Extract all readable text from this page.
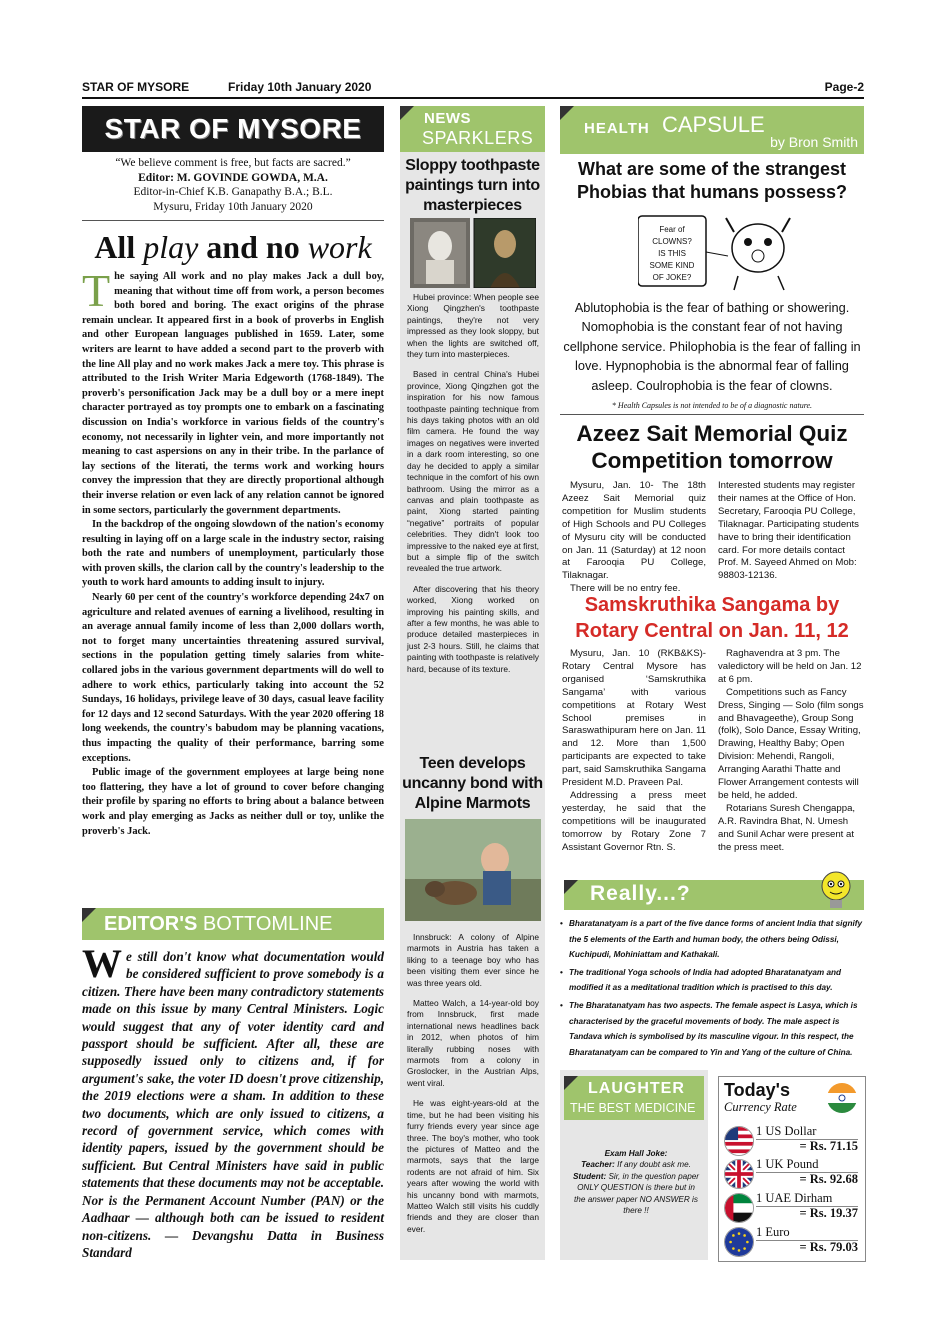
STAR OF MYSORE	Friday 10th January 2020	Page-2
STAR OF MYSORE
“We believe comment is free, but facts are sacred.”
Editor: M. GOVINDE GOWDA, M.A.
Editor-in-Chief K.B. Ganapathy B.A.; B.L.
Mysuru, Friday 10th January 2020
All play and no work

The saying All work and no play makes Jack a dull boy, meaning that without time off from work, a person becomes both bored and boring. The exact origins of the phrase remain unclear. It appeared first in a book of proverbs in English and other European languages published in 1659. Later, some writers are learnt to have added a second part to the proverb with the line All play and no work makes Jack a mere toy. This phrase is attributed to the Irish Writer Maria Edgeworth (1768-1849). The proverb's personification Jack may be a dull boy or a mere inept character portrayed as toy prompts one to embark on a fascinating discussion on India's workforce in various fields of the country's economy, not necessarily in lighter vein, and more importantly not meaning to cast aspersions on any in their tribe. In the parlance of lay sections of the literati, the terms work and working hours convey the impression that they are directly proportional although their inverse relation or even lack of any relation cannot be ignored in some sectors, particularly the government departments.

In the backdrop of the ongoing slowdown of the nation's economy resulting in laying off on a large scale in the industry sector, raising both the rate and numbers of unemployment, particularly those with proven skills, the clarion call by the country's leadership to the youth to work hard amounts to adding insult to injury.

Nearly 60 per cent of the country's workforce depending 24x7 on agriculture and related avenues of earning a livelihood, resulting in an average annual family income of less than 2,000 dollars worth, not to forget many uncertainties threatening assured survival, sections in the population getting timely salaries from white-collared jobs in the various government departments will do well to adhere to work ethics, particularly taking into account the 52 Sundays, 16 holidays, privilege leave of 30 days, casual leave facility for 12 days and 12 second Saturdays. With the year 2020 offering 18 long weekends, the country's babudom may be planning vacations, thus impacting the quality of their performance, barring some exceptions.

Public image of the government employees at large being none too flattering, they have a lot of ground to cover before changing their profile by sparing no efforts to bring about a balance between work and play emerging as Jacks as neither dull or toy, unlike the proverb's Jack.

EDITOR'S BOTTOMLINE
We still don't know what documentation would be considered sufficient to prove somebody is a citizen. There have been many contradictory statements made on this issue by many Central Ministers. Logic would suggest that any of voter identity card and passport should be sufficient. After all, these are supposedly issued only to citizens and, if for argument's sake, the voter ID doesn't prove citizenship, the 2019 elections were a sham. In addition to these two documents, which are only issued to citizens, a record of government service, which comes with identity papers, issued by the government should be sufficient. But Central Ministers have said in public statements that these documents may not be acceptable. Nor is the Permanent Account Number (PAN) or the Aadhaar — although both can be issued to resident non-citizens. — Devangshu Datta in Business Standard
NEWS
SPARKLERS
Sloppy toothpaste paintings turn into masterpieces

Hubei province: When people see Xiong Qingzhen's toothpaste paintings, they're not very impressed as they look sloppy, but when the lights are switched off, they turn into masterpieces.

Based in central China's Hubei province, Xiong Qingzhen got the inspiration for his now famous toothpaste painting technique from his days taking photos with an old film camera. He found the way images on negatives were inverted in a dark room interesting, so one day he decided to apply a similar technique in the comfort of his own bathroom. Using the mirror as a canvas and plain toothpaste as paint, Xiong started painting “negative” portraits of popular celebrities. They didn't look too impressive to the naked eye at first, but a simple flip of the switch revealed the true artwork.

After discovering that his theory worked, Xiong worked on improving his painting skills, and after a few months, he was able to produce detailed masterpieces in just 2-3 hours. Still, he claims that painting with toothpaste is relatively hard, because of its texture.

Teen develops uncanny bond with Alpine Marmots

Innsbruck: A colony of Alpine marmots in Austria has taken a liking to a teenage boy who has been visiting them ever since he was three years old.

Matteo Walch, a 14-year-old boy from Innsbruck, first made international news headlines back in 2012, when photos of him literally rubbing noses with marmots from a colony in Groslocker, in the Austrian Alps, went viral.

He was eight-years-old at the time, but he had been visiting his furry friends every year since age three. The boy's mother, who took the pictures of Matteo and the marmots, says that the large rodents are not afraid of him. Six years after wowing the world with his uncanny bond with marmots, Matteo Walch still visits his cuddly friends and they are closer than ever.

HEALTH CAPSULE
by Bron Smith
What are some of the strangest Phobias that humans possess?
Fear of
CLOWNS?
IS THIS
SOME KIND
OF JOKE?
Ablutophobia is the fear of bathing or showering. Nomophobia is the constant fear of not having cellphone service. Philophobia is the fear of falling in love. Hypnophobia is the abnormal fear of falling asleep. Coulrophobia is the fear of clowns.
* Health Capsules is not intended to be of a diagnostic nature.
Azeez Sait Memorial Quiz Competition tomorrow

Mysuru, Jan. 10- The 18th Azeez Sait Memorial quiz competition for Muslim students of High Schools and PU Colleges of Mysuru city will be conducted on Jan. 11 (Saturday) at 12 noon at Farooqia PU College, Tilaknagar.

There will be no entry fee.

Interested students may register their names at the Office of Hon. Secretary, Farooqia PU College, Tilaknagar. Participating students have to bring their identification card. For more details contact Prof. M. Sayeed Ahmed on Mob: 98803-12136.
Samskruthika Sangama by
Rotary Central on Jan. 11, 12

Mysuru, Jan. 10 (RKB&KS)- Rotary Central Mysore has organised ‘Samskruthika Sangama’ with various competitions at Rotary West School premises in Saraswathipuram here on Jan. 11 and 12. More than 1,500 participants are expected to take part, said Samskruthika Sangama President M.D. Praveen Pal.

Addressing a press meet yesterday, he said that the competitions will be inaugurated tomorrow by Rotary Zone 7 Assistant Governor Rtn. S.

Raghavendra at 3 pm. The valedictory will be held on Jan. 12 at 6 pm.

Competitions such as Fancy Dress, Singing — Solo (film songs and Bhavageethe), Group Song (folk), Solo Dance, Essay Writing, Drawing, Healthy Baby; Open Division: Mehendi, Rangoli, Arranging Aarathi Thatte and Flower Arrangement contests will be held, he added.

Rotarians Suresh Chengappa, A.R. Ravindra Bhat, N. Umesh and Sunil Achar were present at the press meet.

Really...?
• Bharatanatyam is a part of the five dance forms of ancient India that signify the 5 elements of the Earth and human body, the others being Odissi, Kuchipudi, Mohiniattam and Kathakali.
• The traditional Yoga schools of India had adopted Bharatanatyam and modified it as a meditational tradition which is practised to this day.
• The Bharatanatyam has two aspects. The female aspect is Lasya, which is characterised by the graceful movements of body. The male aspect is Tandava which is symbolised by its masculine vigour. In this respect, the Bharatanatyam can be compared to Yin and Yang of the culture of China.
LAUGHTER
THE BEST MEDICINE
Exam Hall Joke:
Teacher: If any doubt ask me.
Student: Sir, in the question paper ONLY QUESTION is there but in the answer paper NO ANSWER is there !!
Today's
Currency Rate
1 US Dollar
= Rs. 71.15
1 UK Pound
= Rs. 92.68
1 UAE Dirham
= Rs. 19.37
1 Euro
= Rs. 79.03
